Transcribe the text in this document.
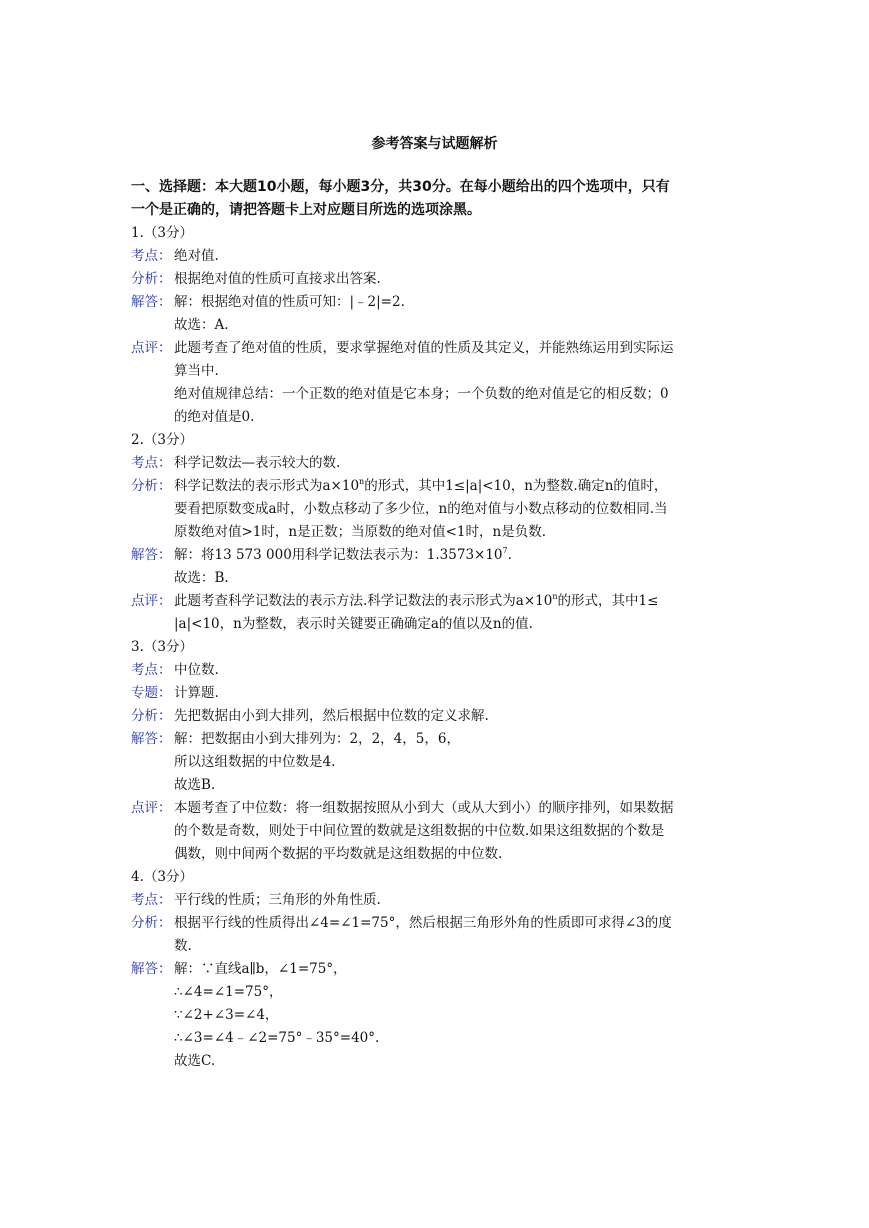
参考答案与试题解析
一、选择题：本大题10小题，每小题3分，共30分。在每小题给出的四个选项中，只有
一个是正确的，请把答题卡上对应题目所选的选项涂黑。
1.（3分）
考点： 绝对值.
分析： 根据绝对值的性质可直接求出答案.
解答： 解：根据绝对值的性质可知：|﹣2|=2.
故选：A.
点评： 此题考查了绝对值的性质，要求掌握绝对值的性质及其定义，并能熟练运用到实际运
算当中.
绝对值规律总结：一个正数的绝对值是它本身；一个负数的绝对值是它的相反数；0
的绝对值是0.
2.（3分）
考点： 科学记数法—表示较大的数.
分析： 科学记数法的表示形式为$a\times 10^n$的形式，其中1≤|a|<10，n为整数.确定n的值时，
要看把原数变成a时，小数点移动了多少位，n的绝对值与小数点移动的位数相同.当
原数绝对值>1时，n是正数；当原数的绝对值<1时，n是负数.
解答： 解：将13 573 000用科学记数法表示为：$1.3573\times 10^7$.
故选：B.
点评： 此题考查科学记数法的表示方法.科学记数法的表示形式为$a\times 10^n$的形式，其中1≤
|a|<10，n为整数，表示时关键要正确确定a的值以及n的值.
3.（3分）
考点： 中位数.
专题： 计算题.
分析： 先把数据由小到大排列，然后根据中位数的定义求解.
解答： 解：把数据由小到大排列为：2，2，4，5，6，
所以这组数据的中位数是4.
故选B.
点评： 本题考查了中位数：将一组数据按照从小到大（或从大到小）的顺序排列，如果数据
的个数是奇数，则处于中间位置的数就是这组数据的中位数.如果这组数据的个数是
偶数，则中间两个数据的平均数就是这组数据的中位数.
4.（3分）
考点： 平行线的性质；三角形的外角性质.
分析： 根据平行线的性质得出∠4=∠1=75°，然后根据三角形外角的性质即可求得∠3的度
数.
解答： 解：∵直线a∥b，∠1=75°，
∴∠4=∠1=75°，
∵∠2+∠3=∠4，
∴∠3=∠4﹣∠2=75°﹣35°=40°.
故选C.
